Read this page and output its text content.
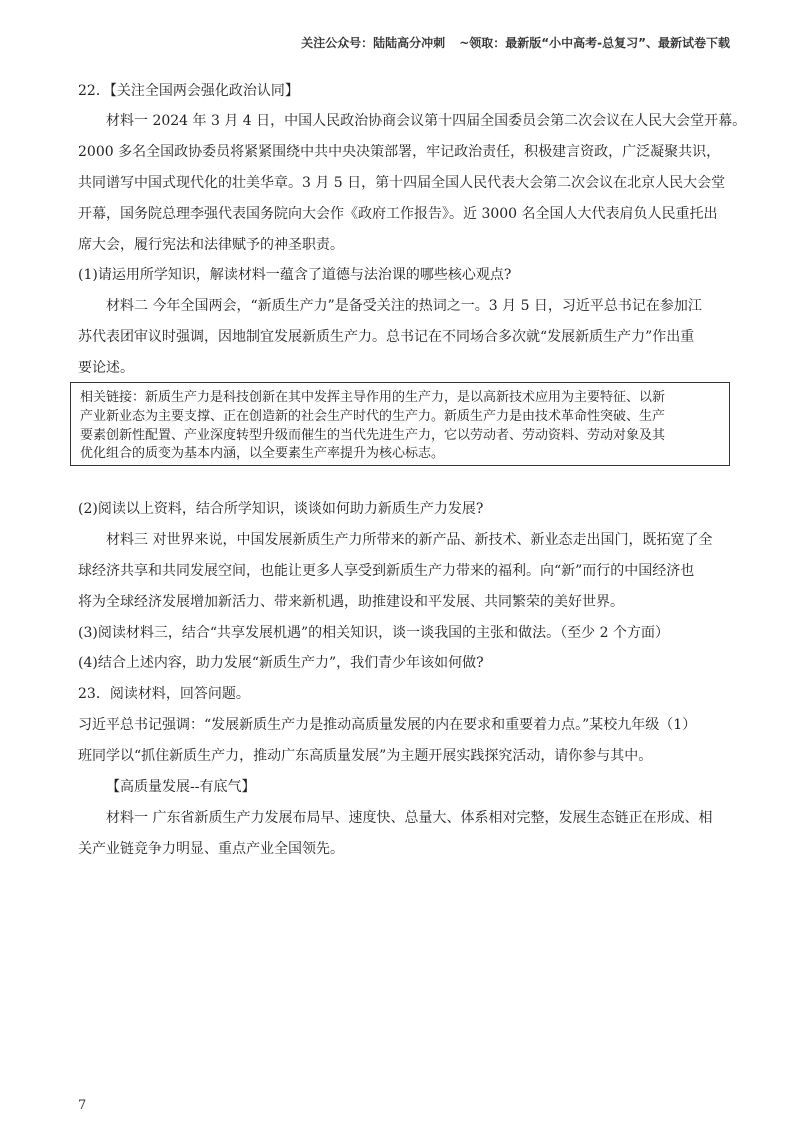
关注公众号：陆陆高分冲刺 ~领取：最新版“小中高考-总复习”、最新试卷下载
22．【关注全国两会强化政治认同】
材料一 2024 年 3 月 4 日，中国人民政治协商会议第十四届全国委员会第二次会议在人民大会堂开幕。
2000 多名全国政协委员将紧紧围绕中共中央决策部署，牢记政治责任，积极建言资政，广泛凝聚共识，
共同谱写中国式现代化的壮美华章。3 月 5 日，第十四届全国人民代表大会第二次会议在北京人民大会堂
开幕，国务院总理李强代表国务院向大会作《政府工作报告》。近 3000 名全国人大代表肩负人民重托出
席大会，履行宪法和法律赋予的神圣职责。
(1)请运用所学知识，解读材料一蕴含了道德与法治课的哪些核心观点?
材料二 今年全国两会，“新质生产力”是备受关注的热词之一。3 月 5 日，习近平总书记在参加江
苏代表团审议时强调，因地制宜发展新质生产力。总书记在不同场合多次就“发展新质生产力”作出重
要论述。
相关链接：新质生产力是科技创新在其中发挥主导作用的生产力，是以高新技术应用为主要特征、以新
产业新业态为主要支撑、正在创造新的社会生产时代的生产力。新质生产力是由技术革命性突破、生产
要素创新性配置、产业深度转型升级而催生的当代先进生产力，它以劳动者、劳动资料、劳动对象及其
优化组合的质变为基本内涵，以全要素生产率提升为核心标志。
(2)阅读以上资料，结合所学知识，谈谈如何助力新质生产力发展?
材料三 对世界来说，中国发展新质生产力所带来的新产品、新技术、新业态走出国门，既拓宽了全
球经济共享和共同发展空间，也能让更多人享受到新质生产力带来的福利。向“新”而行的中国经济也
将为全球经济发展增加新活力、带来新机遇，助推建设和平发展、共同繁荣的美好世界。
(3)阅读材料三，结合“共享发展机遇”的相关知识，谈一谈我国的主张和做法。（至少 2 个方面）
(4)结合上述内容，助力发展“新质生产力”，我们青少年该如何做?
23．阅读材料，回答问题。
习近平总书记强调：“发展新质生产力是推动高质量发展的内在要求和重要着力点。”某校九年级（1）
班同学以“抓住新质生产力，推动广东高质量发展”为主题开展实践探究活动，请你参与其中。
【高质量发展--有底气】
材料一 广东省新质生产力发展布局早、速度快、总量大、体系相对完整，发展生态链正在形成、相
关产业链竞争力明显、重点产业全国领先。
7
